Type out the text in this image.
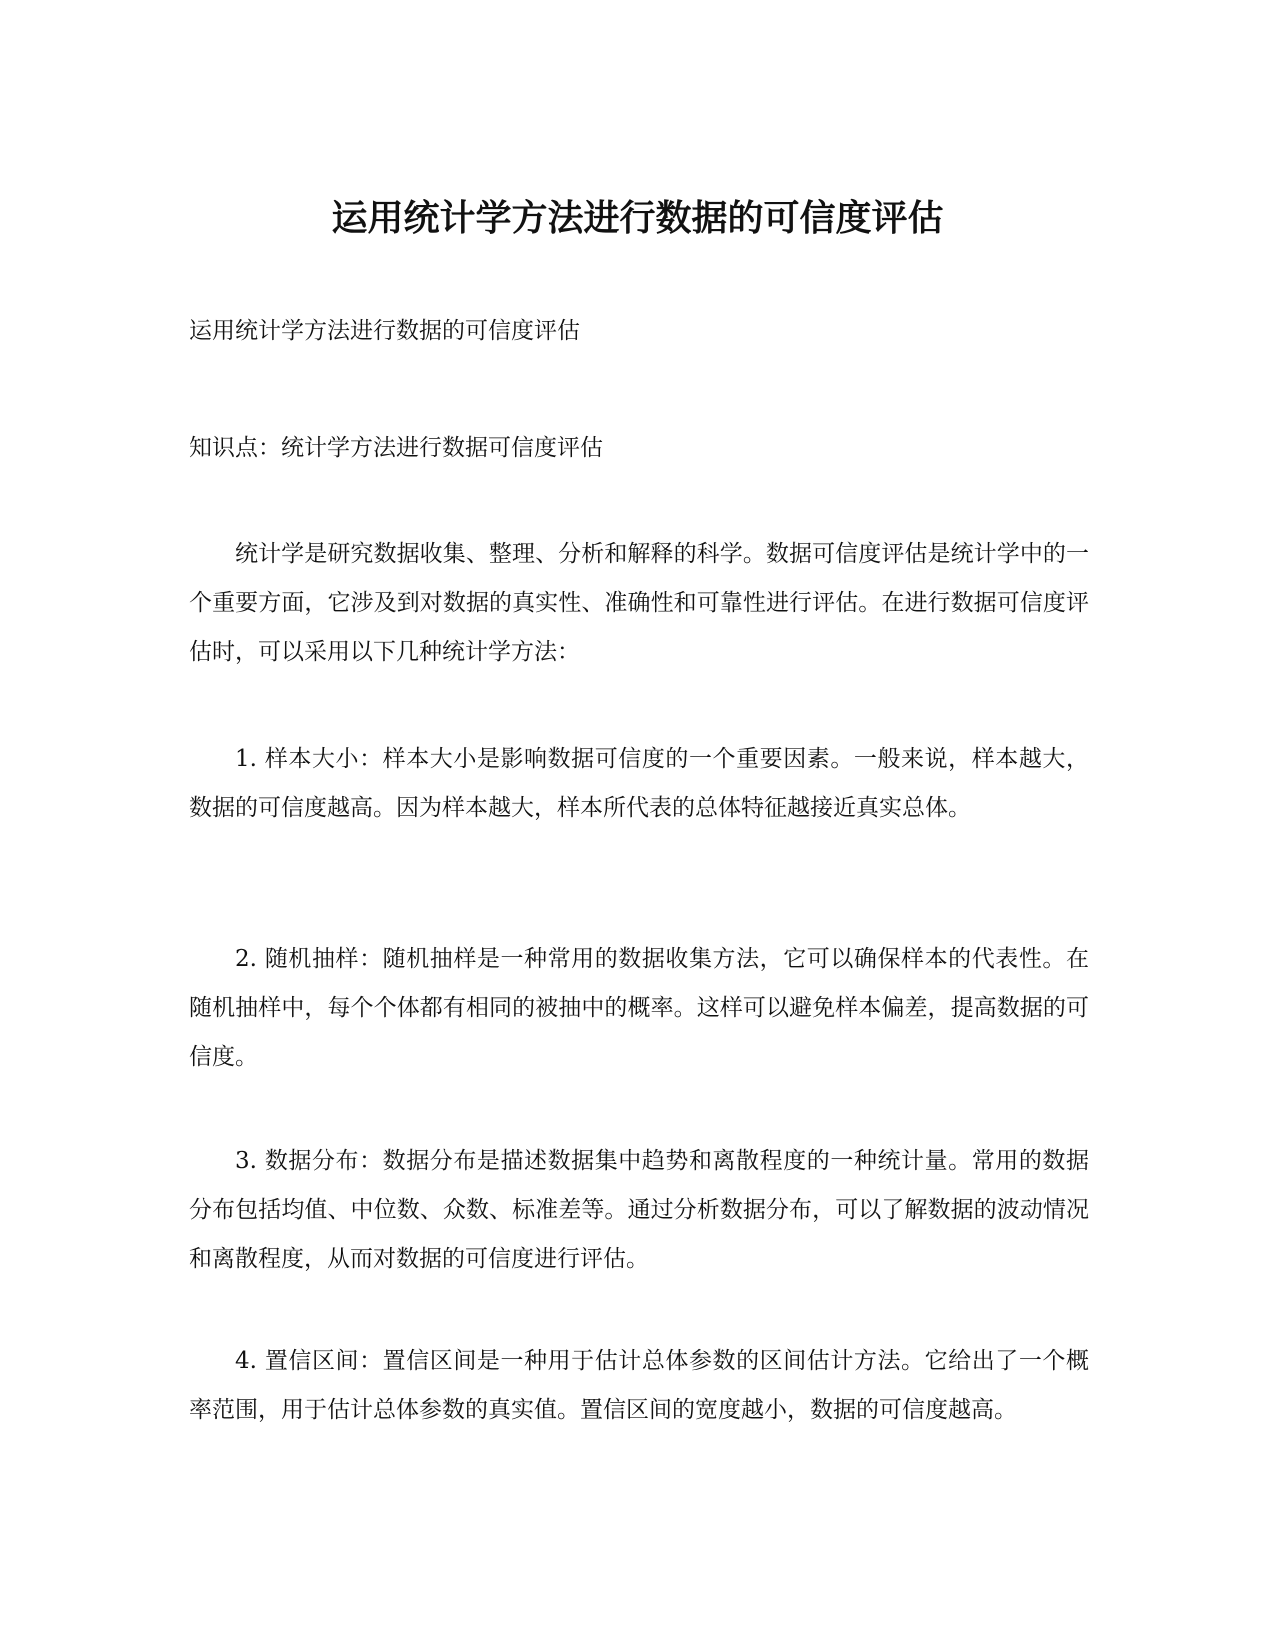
运用统计学方法进行数据的可信度评估

运用统计学方法进行数据的可信度评估

知识点：统计学方法进行数据可信度评估

统计学是研究数据收集、整理、分析和解释的科学。数据可信度评估是统计学中的一个重要方面，它涉及到对数据的真实性、准确性和可靠性进行评估。在进行数据可信度评估时，可以采用以下几种统计学方法：

1. 样本大小：样本大小是影响数据可信度的一个重要因素。一般来说，样本越大，数据的可信度越高。因为样本越大，样本所代表的总体特征越接近真实总体。

2. 随机抽样：随机抽样是一种常用的数据收集方法，它可以确保样本的代表性。在随机抽样中，每个个体都有相同的被抽中的概率。这样可以避免样本偏差，提高数据的可信度。

3. 数据分布：数据分布是描述数据集中趋势和离散程度的一种统计量。常用的数据分布包括均值、中位数、众数、标准差等。通过分析数据分布，可以了解数据的波动情况和离散程度，从而对数据的可信度进行评估。

4. 置信区间：置信区间是一种用于估计总体参数的区间估计方法。它给出了一个概率范围，用于估计总体参数的真实值。置信区间的宽度越小，数据的可信度越高。
